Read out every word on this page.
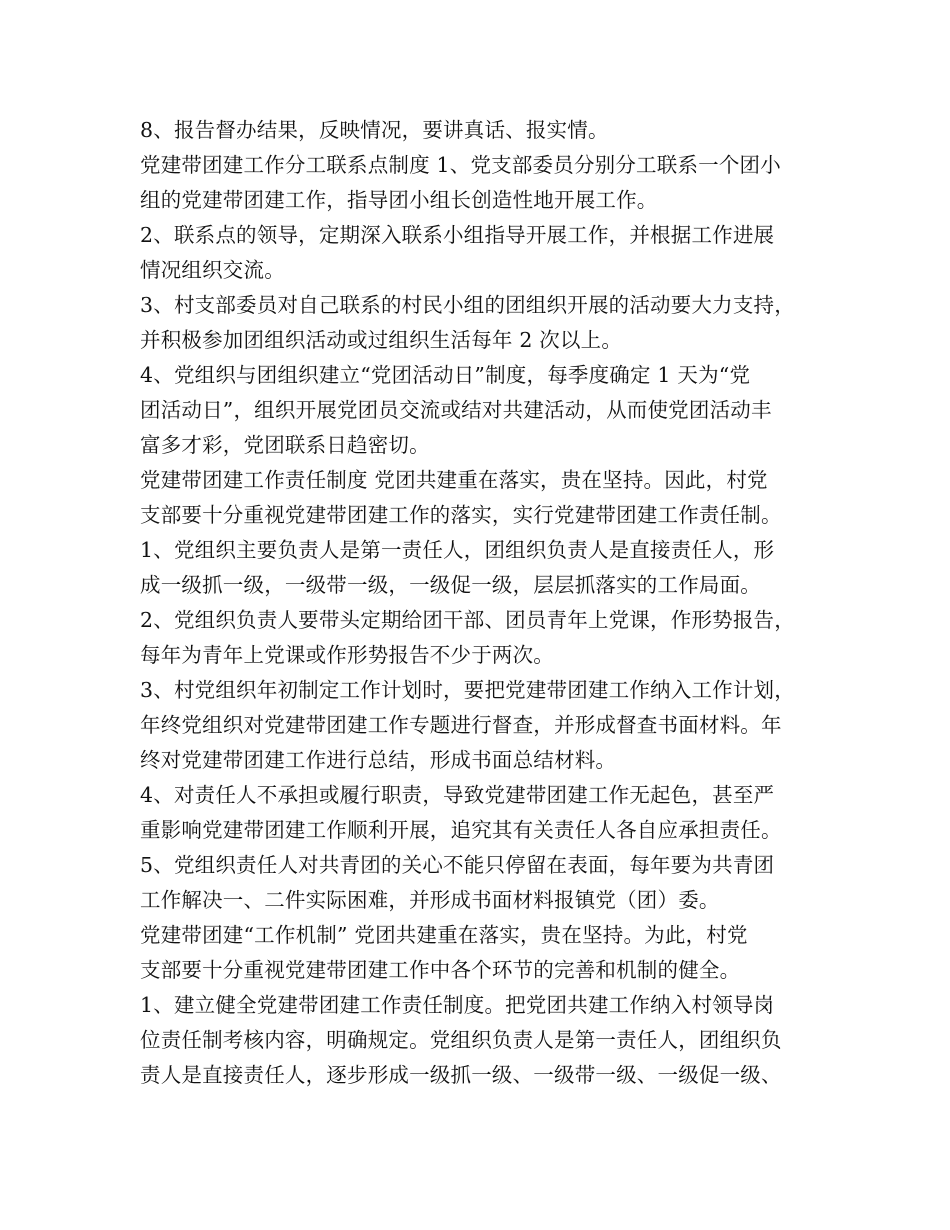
8、报告督办结果，反映情况，要讲真话、报实情。
党建带团建工作分工联系点制度 1、党支部委员分别分工联系一个团小
组的党建带团建工作，指导团小组长创造性地开展工作。
2、联系点的领导，定期深入联系小组指导开展工作，并根据工作进展
情况组织交流。
3、村支部委员对自己联系的村民小组的团组织开展的活动要大力支持，
并积极参加团组织活动或过组织生活每年 2 次以上。
4、党组织与团组织建立“党团活动日”制度，每季度确定 1 天为“党
团活动日”，组织开展党团员交流或结对共建活动，从而使党团活动丰
富多才彩，党团联系日趋密切。
党建带团建工作责任制度 党团共建重在落实，贵在坚持。因此，村党
支部要十分重视党建带团建工作的落实，实行党建带团建工作责任制。
1、党组织主要负责人是第一责任人，团组织负责人是直接责任人，形
成一级抓一级，一级带一级，一级促一级，层层抓落实的工作局面。
2、党组织负责人要带头定期给团干部、团员青年上党课，作形势报告，
每年为青年上党课或作形势报告不少于两次。
3、村党组织年初制定工作计划时，要把党建带团建工作纳入工作计划，
年终党组织对党建带团建工作专题进行督查，并形成督查书面材料。年
终对党建带团建工作进行总结，形成书面总结材料。
4、对责任人不承担或履行职责，导致党建带团建工作无起色，甚至严
重影响党建带团建工作顺利开展，追究其有关责任人各自应承担责任。
5、党组织责任人对共青团的关心不能只停留在表面，每年要为共青团
工作解决一、二件实际困难，并形成书面材料报镇党（团）委。
党建带团建“工作机制” 党团共建重在落实，贵在坚持。为此，村党
支部要十分重视党建带团建工作中各个环节的完善和机制的健全。
1、建立健全党建带团建工作责任制度。把党团共建工作纳入村领导岗
位责任制考核内容，明确规定。党组织负责人是第一责任人，团组织负
责人是直接责任人，逐步形成一级抓一级、一级带一级、一级促一级、
